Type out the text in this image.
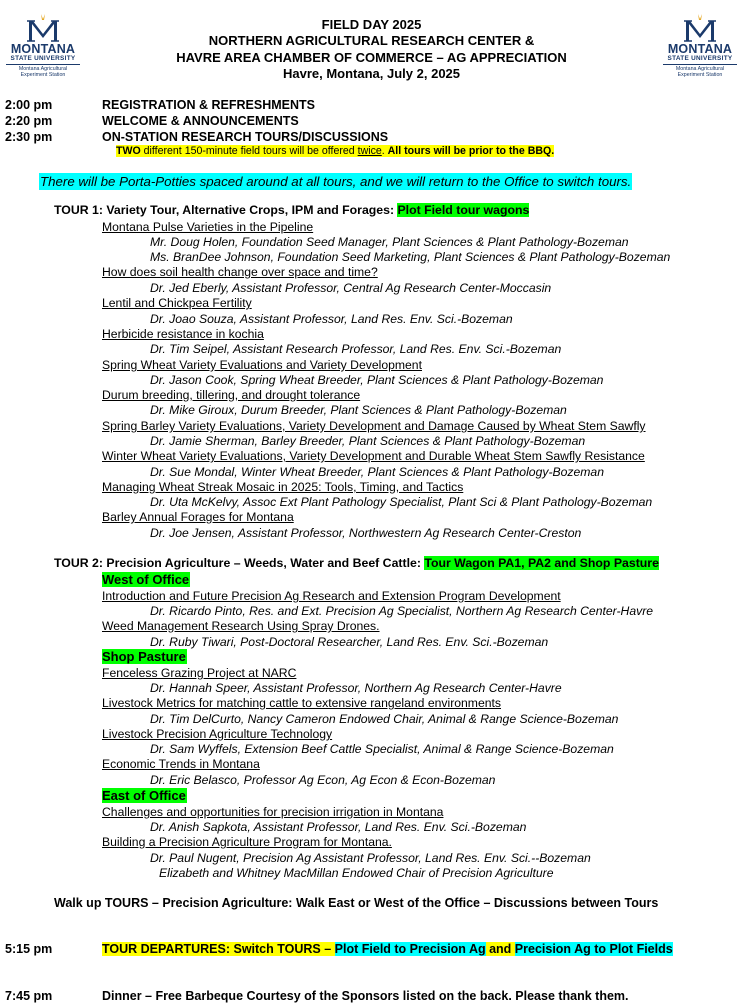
MONTANA
STATE UNIVERSITY
Montana Agricultural
Experiment Station
MONTANA
STATE UNIVERSITY
Montana Agricultural
Experiment Station
FIELD DAY 2025
NORTHERN AGRICULTURAL RESEARCH CENTER &
HAVRE AREA CHAMBER OF COMMERCE – AG APPRECIATION
Havre, Montana, July 2, 2025
2:00 pm	REGISTRATION & REFRESHMENTS
2:20 pm	WELCOME & ANNOUNCEMENTS
2:30 pm	ON-STATION RESEARCH TOURS/DISCUSSIONS
TWO different 150-minute field tours will be offered twice. All tours will be prior to the BBQ.
There will be Porta-Potties spaced around at all tours, and we will return to the Office to switch tours.
TOUR 1: Variety Tour, Alternative Crops, IPM and Forages: Plot Field tour wagons
Montana Pulse Varieties in the Pipeline
Mr. Doug Holen, Foundation Seed Manager, Plant Sciences & Plant Pathology-Bozeman
Ms. BranDee Johnson, Foundation Seed Marketing, Plant Sciences & Plant Pathology-Bozeman
How does soil health change over space and time?
Dr. Jed Eberly, Assistant Professor, Central Ag Research Center-Moccasin
Lentil and Chickpea Fertility
Dr. Joao Souza, Assistant Professor, Land Res. Env. Sci.-Bozeman
Herbicide resistance in kochia
Dr. Tim Seipel, Assistant Research Professor, Land Res. Env. Sci.-Bozeman
Spring Wheat Variety Evaluations and Variety Development
Dr. Jason Cook, Spring Wheat Breeder, Plant Sciences & Plant Pathology-Bozeman
Durum breeding, tillering, and drought tolerance
Dr. Mike Giroux, Durum Breeder, Plant Sciences & Plant Pathology-Bozeman
Spring Barley Variety Evaluations, Variety Development and Damage Caused by Wheat Stem Sawfly
Dr. Jamie Sherman, Barley Breeder, Plant Sciences & Plant Pathology-Bozeman
Winter Wheat Variety Evaluations, Variety Development and Durable Wheat Stem Sawfly Resistance
Dr. Sue Mondal, Winter Wheat Breeder, Plant Sciences & Plant Pathology-Bozeman
Managing Wheat Streak Mosaic in 2025: Tools, Timing, and Tactics
Dr. Uta McKelvy, Assoc Ext Plant Pathology Specialist, Plant Sci & Plant Pathology-Bozeman
Barley Annual Forages for Montana
Dr. Joe Jensen, Assistant Professor, Northwestern Ag Research Center-Creston
TOUR 2: Precision Agriculture – Weeds, Water and Beef Cattle: Tour Wagon PA1, PA2 and Shop Pasture
West of Office
Introduction and Future Precision Ag Research and Extension Program Development
Dr. Ricardo Pinto, Res. and Ext. Precision Ag Specialist, Northern Ag Research Center-Havre
Weed Management Research Using Spray Drones.
Dr. Ruby Tiwari, Post-Doctoral Researcher, Land Res. Env. Sci.-Bozeman
Shop Pasture
Fenceless Grazing Project at NARC
Dr. Hannah Speer, Assistant Professor, Northern Ag Research Center-Havre
Livestock Metrics for matching cattle to extensive rangeland environments
Dr. Tim DelCurto, Nancy Cameron Endowed Chair, Animal & Range Science-Bozeman
Livestock Precision Agriculture Technology
Dr. Sam Wyffels, Extension Beef Cattle Specialist, Animal & Range Science-Bozeman
Economic Trends in Montana
Dr. Eric Belasco, Professor Ag Econ, Ag Econ & Econ-Bozeman
East of Office
Challenges and opportunities for precision irrigation in Montana
Dr. Anish Sapkota, Assistant Professor, Land Res. Env. Sci.-Bozeman
Building a Precision Agriculture Program for Montana.
Dr. Paul Nugent, Precision Ag Assistant Professor, Land Res. Env. Sci.--Bozeman
Elizabeth and Whitney MacMillan Endowed Chair of Precision Agriculture
Walk up TOURS – Precision Agriculture: Walk East or West of the Office – Discussions between Tours
5:15 pm	TOUR DEPARTURES: Switch TOURS – Plot Field to Precision Ag and Precision Ag to Plot Fields
7:45 pm	Dinner – Free Barbeque Courtesy of the Sponsors listed on the back. Please thank them.
